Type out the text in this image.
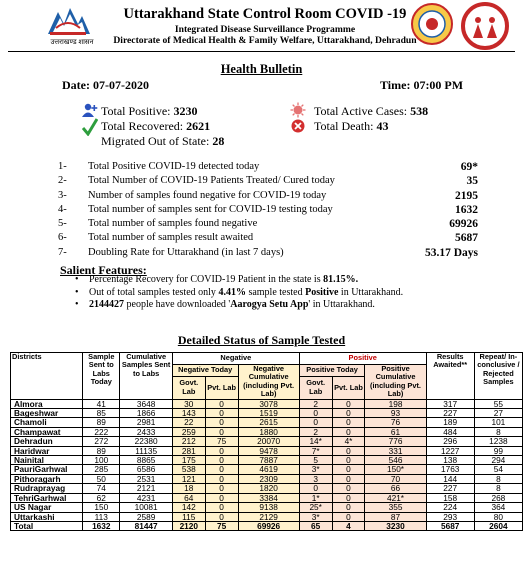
उत्तराखण्ड शासन
Uttarakhand State Control Room COVID -19
Integrated Disease Surveillance Programme
Directorate of Medical Health & Family Welfare, Uttarakhand, Dehradun
Health Bulletin
Date: 07-07-2020	Time: 07:00 PM
Total Positive: 3230
Total Recovered: 2621
Migrated Out of State: 28
Total Active Cases: 538
Total Death: 43
1-	Total Positive COVID-19 detected today	69*
2-	Total Number of COVID-19 Patients Treated/ Cured today	35
3-	Number of samples found negative for COVID-19 today	2195
4-	Total number of samples sent for COVID-19 testing today	1632
5-	Total number of samples found negative	69926
6-	Total number of samples result awaited	5687
7-	Doubling Rate for Uttarakhand (in last 7 days)	53.17 Days
Salient Features:
• Percentage Recovery for COVID-19 Patient in the state is 81.15%.
• Out of total samples tested only 4.41% sample tested Positive in Uttarakhand.
• 2144427 people have downloaded 'Aarogya Setu App' in Uttarakhand.
Detailed Status of Sample Tested
Districts	Sample Sent to Labs Today	Cumulative Samples Sent to Labs	Negative			Positive			Results Awaited**	Repeat/ In-conclusive / Rejected Samples
			Negative Today		Negative Cumulative (including Pvt. Lab)	Positive Today		Positive Cumulative (including Pvt. Lab)		
			Govt. Lab	Pvt. Lab		Govt. Lab	Pvt. Lab			
Almora	41	3648	30	0	3078	2	0	198	317	55
Bageshwar	85	1866	143	0	1519	0	0	93	227	27
Chamoli	89	2981	22	0	2615	0	0	76	189	101
Champawat	222	2433	259	0	1880	2	0	61	484	8
Dehradun	272	22380	212	75	20070	14*	4*	776	296	1238
Haridwar	89	11135	281	0	9478	7*	0	331	1227	99
Nainital	100	8865	175	0	7887	5	0	546	138	294
PauriGarhwal	285	6586	538	0	4619	3*	0	150*	1763	54
Pithoragarh	50	2531	121	0	2309	3	0	70	144	8
Rudraprayag	74	2121	18	0	1820	0	0	66	227	8
TehriGarhwal	62	4231	64	0	3384	1*	0	421*	158	268
US Nagar	150	10081	142	0	9138	25*	0	355	224	364
Uttarkashi	113	2589	115	0	2129	3*	0	87	293	80
Total	1632	81447	2120	75	69926	65	4	3230	5687	2604
